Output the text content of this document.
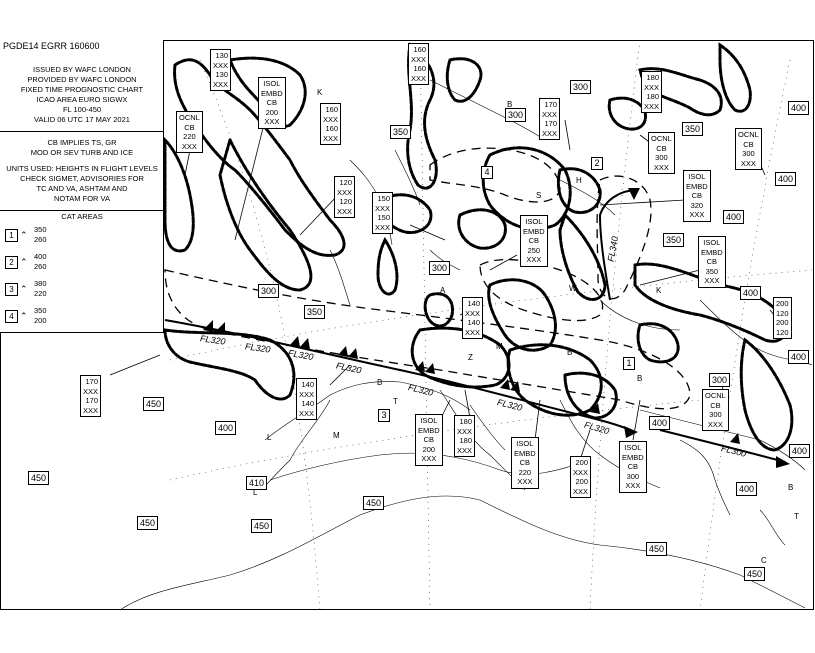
PGDE14 EGRR 160600
ISSUED BY WAFC LONDON
PROVIDED BY WAFC LONDON
FIXED TIME PROGNOSTIC CHART
ICAO AREA EURO SIGWX
FL 100-450
VALID 06 UTC 17 MAY 2021
CB IMPLIES TS, GR
MOD OR SEV TURB AND ICE
UNITS USED: HEIGHTS IN FLIGHT LEVELS
CHECK SIGMET, ADVISORIES FOR
TC AND VA, ASHTAM AND
NOTAM FOR VA
CAT AREAS
1 ⌃
350
260
2 ⌃
400
260
3 ⌃
380
220
4 ⌃
350
200
300
300
400
350
400
350
300
400
350
300	400
350
300
400
450
400
410
450
450	450
450
450
400
400
400
450
OCNL
CB
220
XXX
ISOL
EMBD
CB
200
XXX
ISOL
EMBD
CB
250
XXX
OCNL
CB
300
XXX
ISOL
EMBD
CB
320
XXX
ISOL
EMBD
CB
350
XXX
OCNL
CB
300
XXX
ISOL
EMBD
CB
200
XXX
ISOL
EMBD
CB
220
XXX
ISOL
EMBD
CB
300
XXX
OCNL
CB
300
XXX
130
XXX
130
XXX
160
XXX
160
XXX
160
XXX
160
XXX
120
XXX
120
XXX
150
XXX
150
XXX
170
XXX
170
XXX
180
XXX
180
XXX
140
XXX
140
XXX
140
XXX
140
XXX
170
XXX
170
XXX
180
XXX
180
XXX
200
XXX
200
XXX
200
120
200
120
FL320
FL320 FL320
FL320
FL320
FL320
FL320
FL340
FL300
1
2
3
4
H
L
L
A
B
B
B
B
M
M
T
T
C
K
K
W
Z
S
B
